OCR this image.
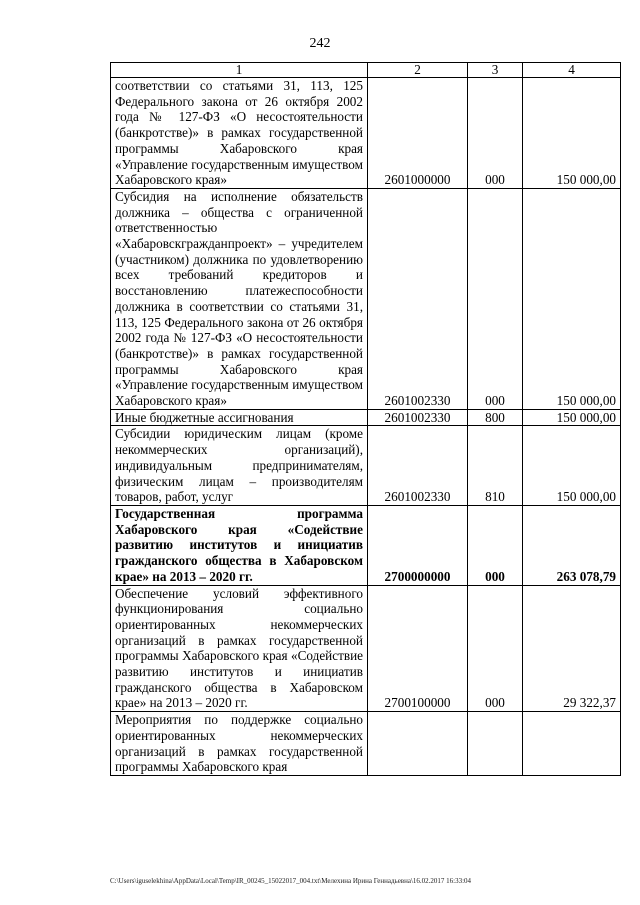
242
1	2	3	4
соответствии со статьями 31, 113, 125 Федерального закона от 26 октября 2002 года № 127-ФЗ «О несостоятельности (банкротстве)» в рамках государственной программы Хабаровского края «Управление государственным имуществом Хабаровского края»	2601000000	000	150 000,00
Субсидия на исполнение обязательств должника – общества с ограниченной ответственностью «Хабаровскгражданпроект» – учредителем (участником) должника по удовлетворению всех требований кредиторов и восстановлению платежеспособности должника в соответствии со статьями 31, 113, 125 Федерального закона от 26 октября 2002 года № 127-ФЗ «О несостоятельности (банкротстве)» в рамках государственной программы Хабаровского края «Управление государственным имуществом Хабаровского края»	2601002330	000	150 000,00
Иные бюджетные ассигнования	2601002330	800	150 000,00
Субсидии юридическим лицам (кроме некоммерческих организаций), индивидуальным предпринимателям, физическим лицам – производителям товаров, работ, услуг	2601002330	810	150 000,00
Государственная программа Хабаровского края «Содействие развитию институтов и инициатив гражданского общества в Хабаровском крае» на 2013 – 2020 гг.	2700000000	000	263 078,79
Обеспечение условий эффективного функционирования социально ориентированных некоммерческих организаций в рамках государственной программы Хабаровского края «Содействие развитию институтов и инициатив гражданского общества в Хабаровском крае» на 2013 – 2020 гг.	2700100000	000	29 322,37
Мероприятия по поддержке социально ориентированных некоммерческих организаций в рамках государственной программы Хабаровского края			
C:\Users\iguselekhina\AppData\Local\Temp\IR_00245_15022017_004.txt\Мелехина Ирина Геннадьевна\16.02.2017 16:33:04
